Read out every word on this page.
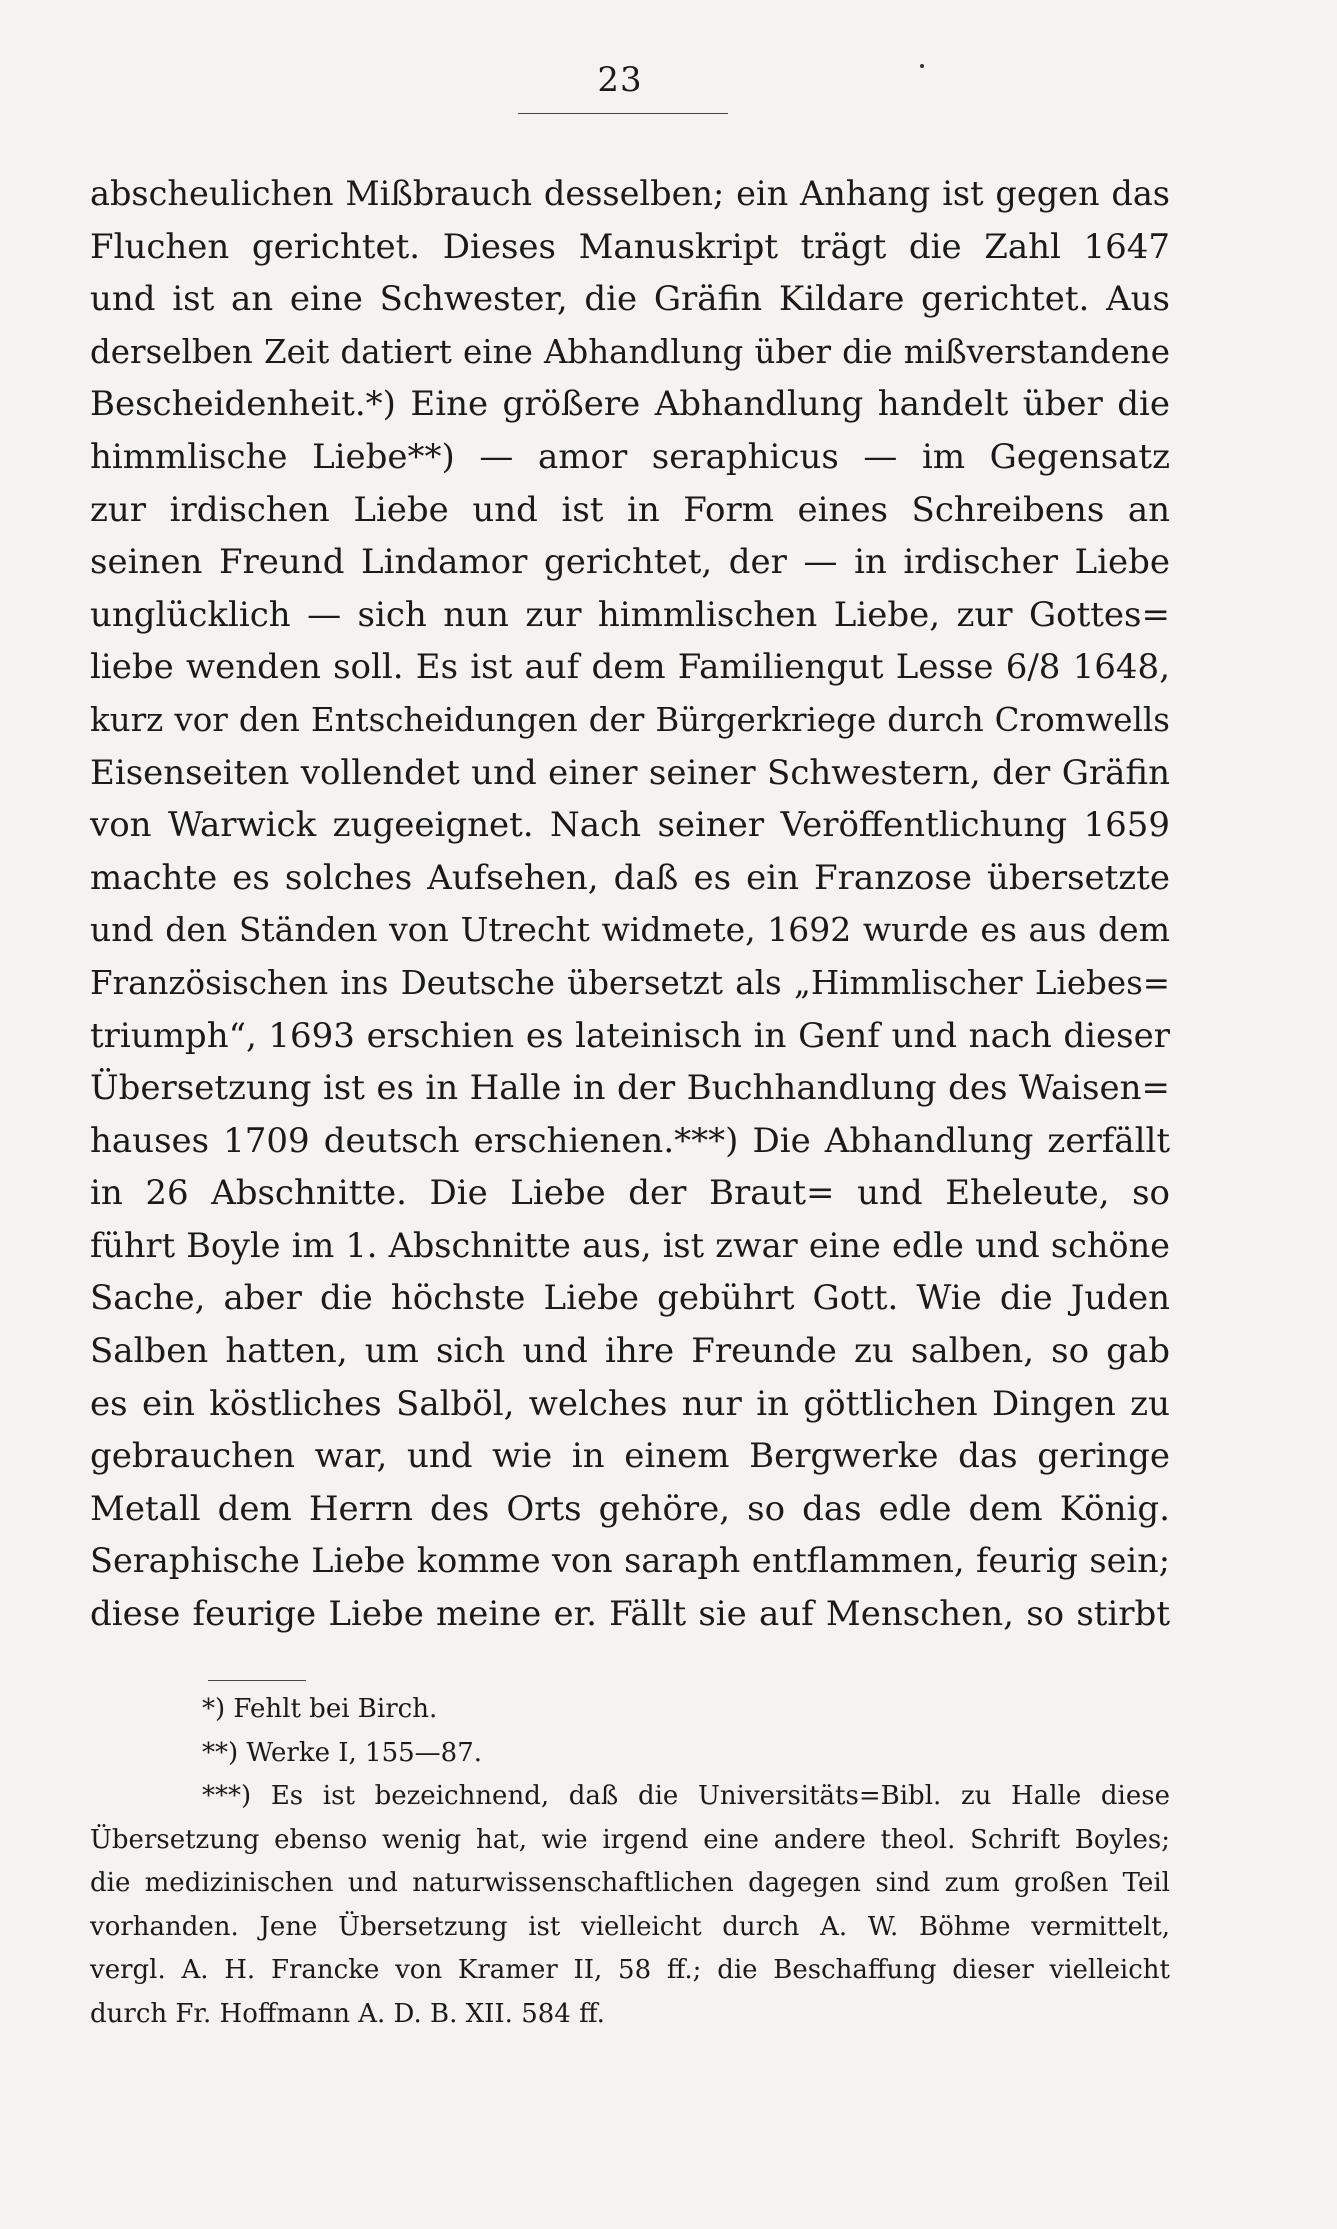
23
abscheulichen Mißbrauch desselben; ein Anhang ist gegen das
Fluchen gerichtet. Dieses Manuskript trägt die Zahl 1647
und ist an eine Schwester, die Gräfin Kildare gerichtet. Aus
derselben Zeit datiert eine Abhandlung über die mißverstandene
Bescheidenheit.*) Eine größere Abhandlung handelt über die
himmlische Liebe**) — amor seraphicus — im Gegensatz
zur irdischen Liebe und ist in Form eines Schreibens an
seinen Freund Lindamor gerichtet, der — in irdischer Liebe
unglücklich — sich nun zur himmlischen Liebe, zur Gottes=
liebe wenden soll. Es ist auf dem Familiengut Lesse 6/8 1648,
kurz vor den Entscheidungen der Bürgerkriege durch Cromwells
Eisenseiten vollendet und einer seiner Schwestern, der Gräfin
von Warwick zugeeignet. Nach seiner Veröffentlichung 1659
machte es solches Aufsehen, daß es ein Franzose übersetzte
und den Ständen von Utrecht widmete, 1692 wurde es aus dem
Französischen ins Deutsche übersetzt als „Himmlischer Liebes=
triumph“, 1693 erschien es lateinisch in Genf und nach dieser
Übersetzung ist es in Halle in der Buchhandlung des Waisen=
hauses 1709 deutsch erschienen.***) Die Abhandlung zerfällt
in 26 Abschnitte. Die Liebe der Braut= und Eheleute, so
führt Boyle im 1. Abschnitte aus, ist zwar eine edle und schöne
Sache, aber die höchste Liebe gebührt Gott. Wie die Juden
Salben hatten, um sich und ihre Freunde zu salben, so gab
es ein köstliches Salböl, welches nur in göttlichen Dingen zu
gebrauchen war, und wie in einem Bergwerke das geringe
Metall dem Herrn des Orts gehöre, so das edle dem König.
Seraphische Liebe komme von saraph entflammen, feurig sein;
diese feurige Liebe meine er. Fällt sie auf Menschen, so stirbt
*) Fehlt bei Birch.
**) Werke I, 155—87.
***) Es ist bezeichnend, daß die Universitäts=Bibl. zu Halle diese
Übersetzung ebenso wenig hat, wie irgend eine andere theol. Schrift Boyles;
die medizinischen und naturwissenschaftlichen dagegen sind zum großen Teil
vorhanden. Jene Übersetzung ist vielleicht durch A. W. Böhme vermittelt,
vergl. A. H. Francke von Kramer II, 58 ff.; die Beschaffung dieser vielleicht
durch Fr. Hoffmann A. D. B. XII. 584 ff.
